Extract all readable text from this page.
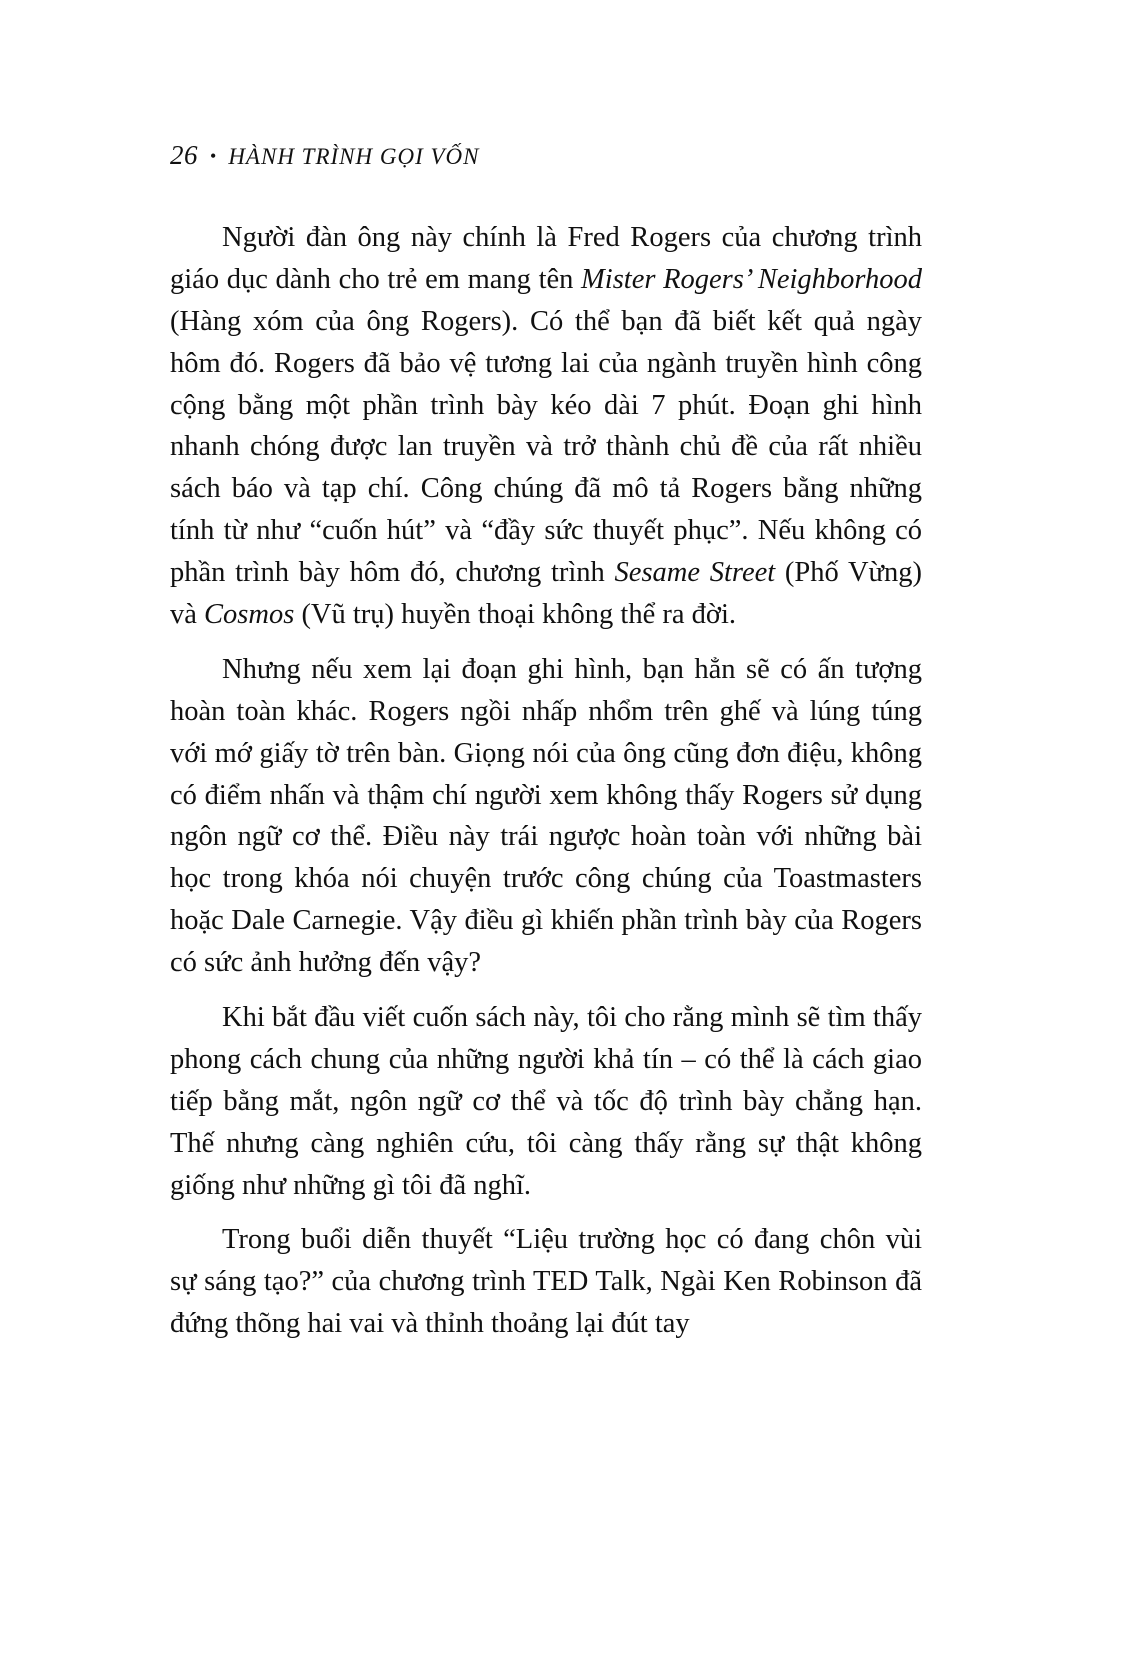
26 • HÀNH TRÌNH GỌI VỐN

Người đàn ông này chính là Fred Rogers của chương trình giáo dục dành cho trẻ em mang tên Mister Rogers’ Neighborhood (Hàng xóm của ông Rogers). Có thể bạn đã biết kết quả ngày hôm đó. Rogers đã bảo vệ tương lai của ngành truyền hình công cộng bằng một phần trình bày kéo dài 7 phút. Đoạn ghi hình nhanh chóng được lan truyền và trở thành chủ đề của rất nhiều sách báo và tạp chí. Công chúng đã mô tả Rogers bằng những tính từ như “cuốn hút” và “đầy sức thuyết phục”. Nếu không có phần trình bày hôm đó, chương trình Sesame Street (Phố Vừng) và Cosmos (Vũ trụ) huyền thoại không thể ra đời.

Nhưng nếu xem lại đoạn ghi hình, bạn hẳn sẽ có ấn tượng hoàn toàn khác. Rogers ngồi nhấp nhổm trên ghế và lúng túng với mớ giấy tờ trên bàn. Giọng nói của ông cũng đơn điệu, không có điểm nhấn và thậm chí người xem không thấy Rogers sử dụng ngôn ngữ cơ thể. Điều này trái ngược hoàn toàn với những bài học trong khóa nói chuyện trước công chúng của Toastmasters hoặc Dale Carnegie. Vậy điều gì khiến phần trình bày của Rogers có sức ảnh hưởng đến vậy?

Khi bắt đầu viết cuốn sách này, tôi cho rằng mình sẽ tìm thấy phong cách chung của những người khả tín – có thể là cách giao tiếp bằng mắt, ngôn ngữ cơ thể và tốc độ trình bày chẳng hạn. Thế nhưng càng nghiên cứu, tôi càng thấy rằng sự thật không giống như những gì tôi đã nghĩ.

Trong buổi diễn thuyết “Liệu trường học có đang chôn vùi sự sáng tạo?” của chương trình TED Talk, Ngài Ken Robinson đã đứng thõng hai vai và thỉnh thoảng lại đút tay
